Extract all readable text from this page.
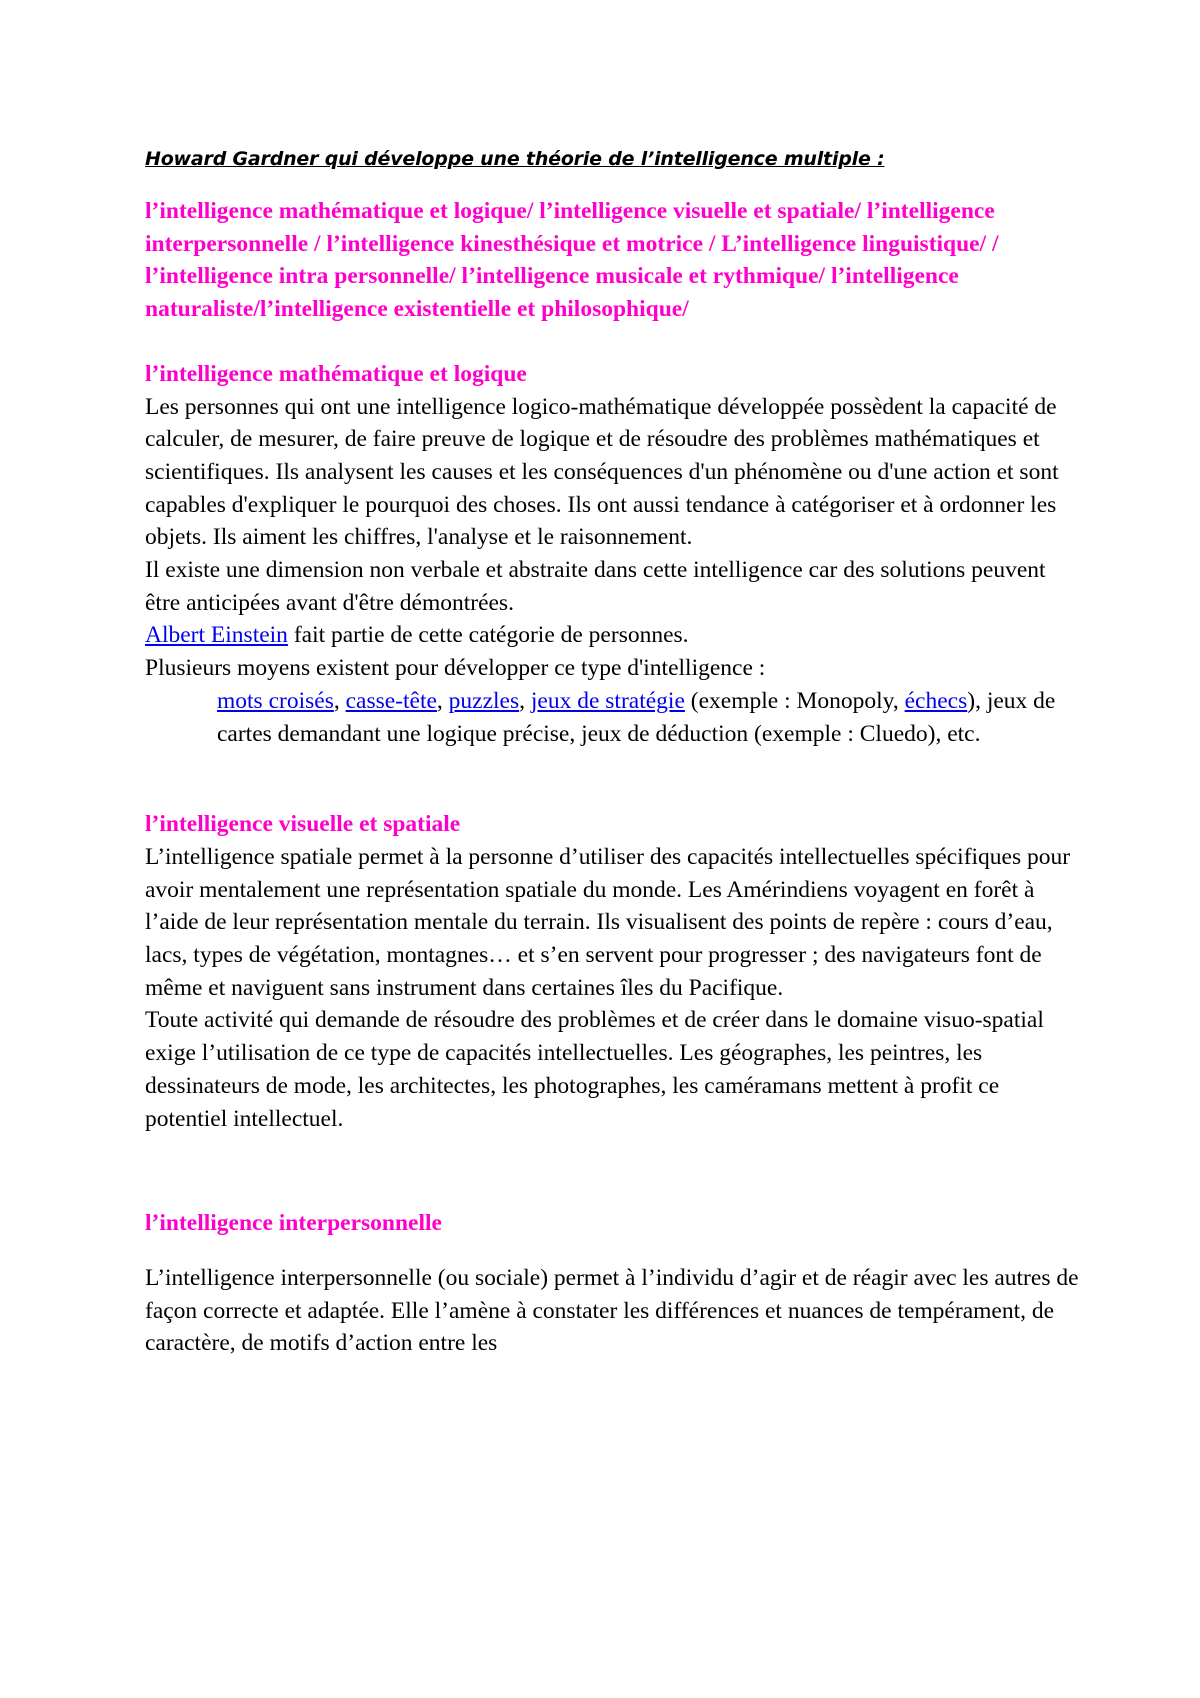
Howard Gardner qui développe une théorie de l’intelligence multiple :

l’intelligence mathématique et logique/ l’intelligence visuelle et spatiale/ l’intelligence interpersonnelle / l’intelligence kinesthésique et motrice / L’intelligence linguistique/ / l’intelligence intra personnelle/ l’intelligence musicale et rythmique/ l’intelligence naturaliste/l’intelligence existentielle et philosophique/

l’intelligence mathématique et logique

Les personnes qui ont une intelligence logico-mathématique développée possèdent la capacité de calculer, de mesurer, de faire preuve de logique et de résoudre des problèmes mathématiques et scientifiques. Ils analysent les causes et les conséquences d'un phénomène ou d'une action et sont capables d'expliquer le pourquoi des choses. Ils ont aussi tendance à catégoriser et à ordonner les objets. Ils aiment les chiffres, l'analyse et le raisonnement.

Il existe une dimension non verbale et abstraite dans cette intelligence car des solutions peuvent être anticipées avant d'être démontrées.

Albert Einstein fait partie de cette catégorie de personnes.

Plusieurs moyens existent pour développer ce type d'intelligence :

mots croisés, casse-tête, puzzles, jeux de stratégie (exemple : Monopoly, échecs), jeux de cartes demandant une logique précise, jeux de déduction (exemple : Cluedo), etc.

l’intelligence visuelle et spatiale

L’intelligence spatiale permet à la personne d’utiliser des capacités intellectuelles spécifiques pour avoir mentalement une représentation spatiale du monde. Les Amérindiens voyagent en forêt à l’aide de leur représentation mentale du terrain. Ils visualisent des points de repère : cours d’eau, lacs, types de végétation, montagnes… et s’en servent pour progresser ; des navigateurs font de même et naviguent sans instrument dans certaines îles du Pacifique.

Toute activité qui demande de résoudre des problèmes et de créer dans le domaine visuo-spatial exige l’utilisation de ce type de capacités intellectuelles. Les géographes, les peintres, les dessinateurs de mode, les architectes, les photographes, les caméramans mettent à profit ce potentiel intellectuel.

l’intelligence interpersonnelle

L’intelligence interpersonnelle (ou sociale) permet à l’individu d’agir et de réagir avec les autres de façon correcte et adaptée. Elle l’amène à constater les différences et nuances de tempérament, de caractère, de motifs d’action entre les
